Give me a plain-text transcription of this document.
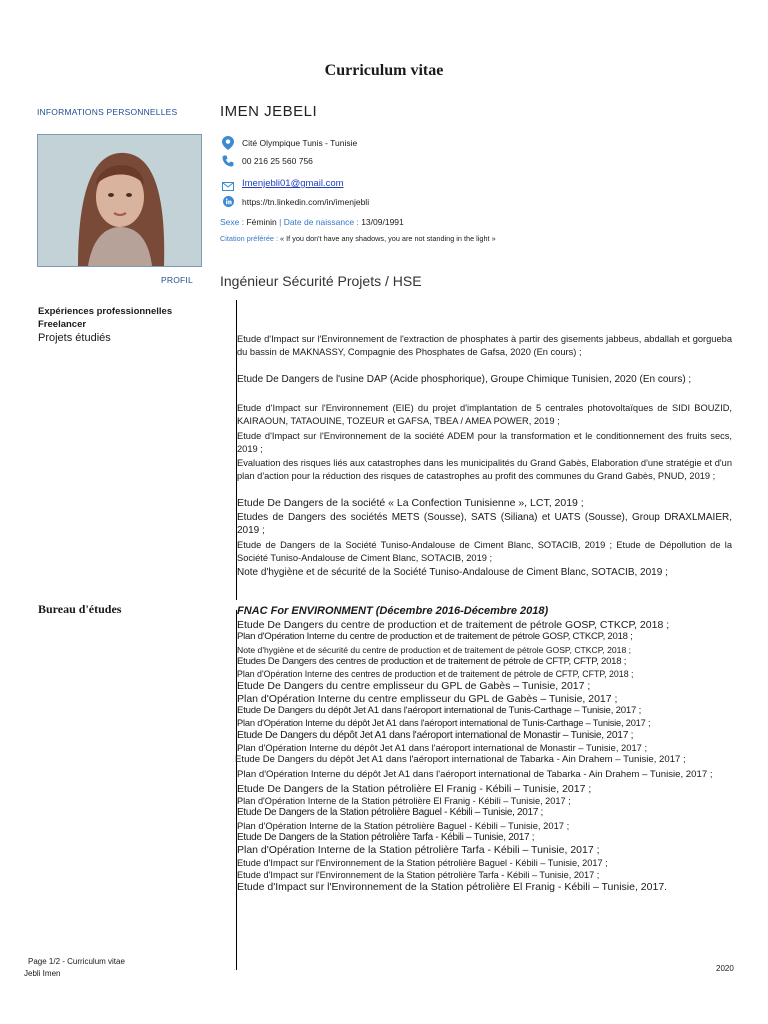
Curriculum vitae
INFORMATIONS PERSONNELLES	IMEN JEBELI
Cité Olympique Tunis - Tunisie
00 216 25 560 756
Imenjebli01@gmail.com
https://tn.linkedin.com/in/imenjebli
Sexe : Féminin | Date de naissance : 13/09/1991
Citation préférée : « If you don't have any shadows, you are not standing in the light »
PROFIL Ingénieur Sécurité Projets / HSE
Expériences professionnelles
Freelancer
Projets étudiés	Etude d'Impact sur l'Environnement de l'extraction de phosphates à partir des gisements jabbeus, abdallah et gorgueba du bassin de MAKNASSY, Compagnie des Phosphates de Gafsa, 2020 (En cours) ;
Etude De Dangers de l'usine DAP (Acide phosphorique), Groupe Chimique Tunisien, 2020 (En cours) ;
Etude d'Impact sur l'Environnement (EIE) du projet d'implantation de 5 centrales photovoltaïques de SIDI BOUZID, KAIRAOUN, TATAOUINE, TOZEUR et GAFSA, TBEA / AMEA POWER, 2019 ;
Etude d'Impact sur l'Environnement de la société ADEM pour la transformation et le conditionnement des fruits secs, 2019 ;
Evaluation des risques liés aux catastrophes dans les municipalités du Grand Gabès, Elaboration d'une stratégie et d'un plan d'action pour la réduction des risques de catastrophes au profit des communes du Grand Gabès, PNUD, 2019 ;
Etude De Dangers de la société « La Confection Tunisienne », LCT, 2019 ;
Etudes de Dangers des sociétés METS (Sousse), SATS (Siliana) et UATS (Sousse), Group DRAXLMAIER, 2019 ;
Etude de Dangers de la Société Tuniso-Andalouse de Ciment Blanc, SOTACIB, 2019 ; Etude de Dépollution de la Société Tuniso-Andalouse de Ciment Blanc, SOTACIB, 2019 ;
Note d'hygiène et de sécurité de la Société Tuniso-Andalouse de Ciment Blanc, SOTACIB, 2019 ;
Bureau d'études	FNAC For ENVIRONMENT (Décembre 2016-Décembre 2018)
Etude De Dangers du centre de production et de traitement de pétrole GOSP, CTKCP, 2018 ;
Plan d'Opération Interne du centre de production et de traitement de pétrole GOSP, CTKCP, 2018 ;
Note d'hygiène et de sécurité du centre de production et de traitement de pétrole GOSP, CTKCP, 2018 ;
Etudes De Dangers des centres de production et de traitement de pétrole de CFTP, CFTP, 2018 ;
Plan d'Opération Interne des centres de production et de traitement de pétrole de CFTP, CFTP, 2018 ;
Etude De Dangers du centre emplisseur du GPL de Gabès – Tunisie, 2017 ;
Plan d'Opération Interne du centre emplisseur du GPL de Gabès – Tunisie, 2017 ;
Etude De Dangers du dépôt Jet A1 dans l'aéroport international de Tunis-Carthage – Tunisie, 2017 ;
Plan d'Opération Interne du dépôt Jet A1 dans l'aéroport international de Tunis-Carthage – Tunisie, 2017 ;
Etude De Dangers du dépôt Jet A1 dans l'aéroport international de Monastir – Tunisie, 2017 ;
Plan d'Opération Interne du dépôt Jet A1 dans l'aéroport international de Monastir – Tunisie, 2017 ;
Etude De Dangers du dépôt Jet A1 dans l'aéroport international de Tabarka - Ain Drahem – Tunisie, 2017 ;
Plan d'Opération Interne du dépôt Jet A1 dans l'aéroport international de Tabarka - Ain Drahem – Tunisie, 2017 ;
Etude De Dangers de la Station pétrolière El Franig - Kébili – Tunisie, 2017 ;
Plan d'Opération Interne de la Station pétrolière El Franig - Kébili – Tunisie, 2017 ;
Etude De Dangers de la Station pétrolière Baguel - Kébili – Tunisie, 2017 ;
Plan d'Opération Interne de la Station pétrolière Baguel - Kébili – Tunisie, 2017 ;
Etude De Dangers de la Station pétrolière Tarfa - Kébili – Tunisie, 2017 ;
Plan d'Opération Interne de la Station pétrolière Tarfa - Kébili – Tunisie, 2017 ;
Etude d'Impact sur l'Environnement de la Station pétrolière Baguel - Kébili – Tunisie, 2017 ;
Etude d'Impact sur l'Environnement de la Station pétrolière Tarfa - Kébili – Tunisie, 2017 ;
Etude d'Impact sur l'Environnement de la Station pétrolière El Franig - Kébili – Tunisie, 2017.
Page 1/2 - Curriculum vitae
Jebli Imen
2020
